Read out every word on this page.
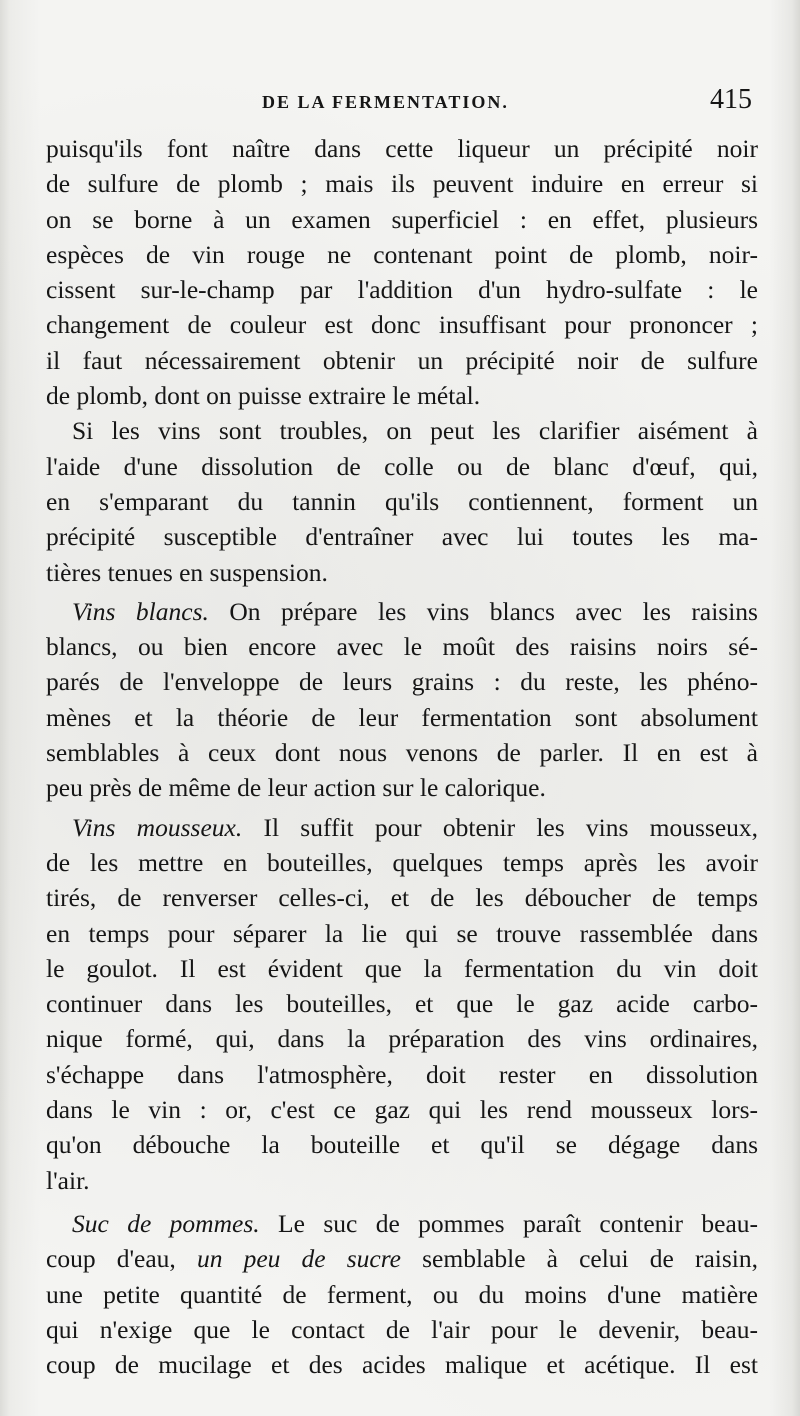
DE LA FERMENTATION.	415
puisqu'ils font naître dans cette liqueur un précipité noir
de sulfure de plomb ; mais ils peuvent induire en erreur si
on se borne à un examen superficiel : en effet, plusieurs
espèces de vin rouge ne contenant point de plomb, noir-
cissent sur-le-champ par l'addition d'un hydro-sulfate : le
changement de couleur est donc insuffisant pour prononcer ;
il faut nécessairement obtenir un précipité noir de sulfure
de plomb, dont on puisse extraire le métal.
Si les vins sont troubles, on peut les clarifier aisément à
l'aide d'une dissolution de colle ou de blanc d'œuf, qui,
en s'emparant du tannin qu'ils contiennent, forment un
précipité susceptible d'entraîner avec lui toutes les ma-
tières tenues en suspension.
Vins blancs. On prépare les vins blancs avec les raisins
blancs, ou bien encore avec le moût des raisins noirs sé-
parés de l'enveloppe de leurs grains : du reste, les phéno-
mènes et la théorie de leur fermentation sont absolument
semblables à ceux dont nous venons de parler. Il en est à
peu près de même de leur action sur le calorique.
Vins mousseux. Il suffit pour obtenir les vins mousseux,
de les mettre en bouteilles, quelques temps après les avoir
tirés, de renverser celles-ci, et de les déboucher de temps
en temps pour séparer la lie qui se trouve rassemblée dans
le goulot. Il est évident que la fermentation du vin doit
continuer dans les bouteilles, et que le gaz acide carbo-
nique formé, qui, dans la préparation des vins ordinaires,
s'échappe dans l'atmosphère, doit rester en dissolution
dans le vin : or, c'est ce gaz qui les rend mousseux lors-
qu'on débouche la bouteille et qu'il se dégage dans
l'air.
Suc de pommes. Le suc de pommes paraît contenir beau-
coup d'eau, un peu de sucre semblable à celui de raisin,
une petite quantité de ferment, ou du moins d'une matière
qui n'exige que le contact de l'air pour le devenir, beau-
coup de mucilage et des acides malique et acétique. Il est
